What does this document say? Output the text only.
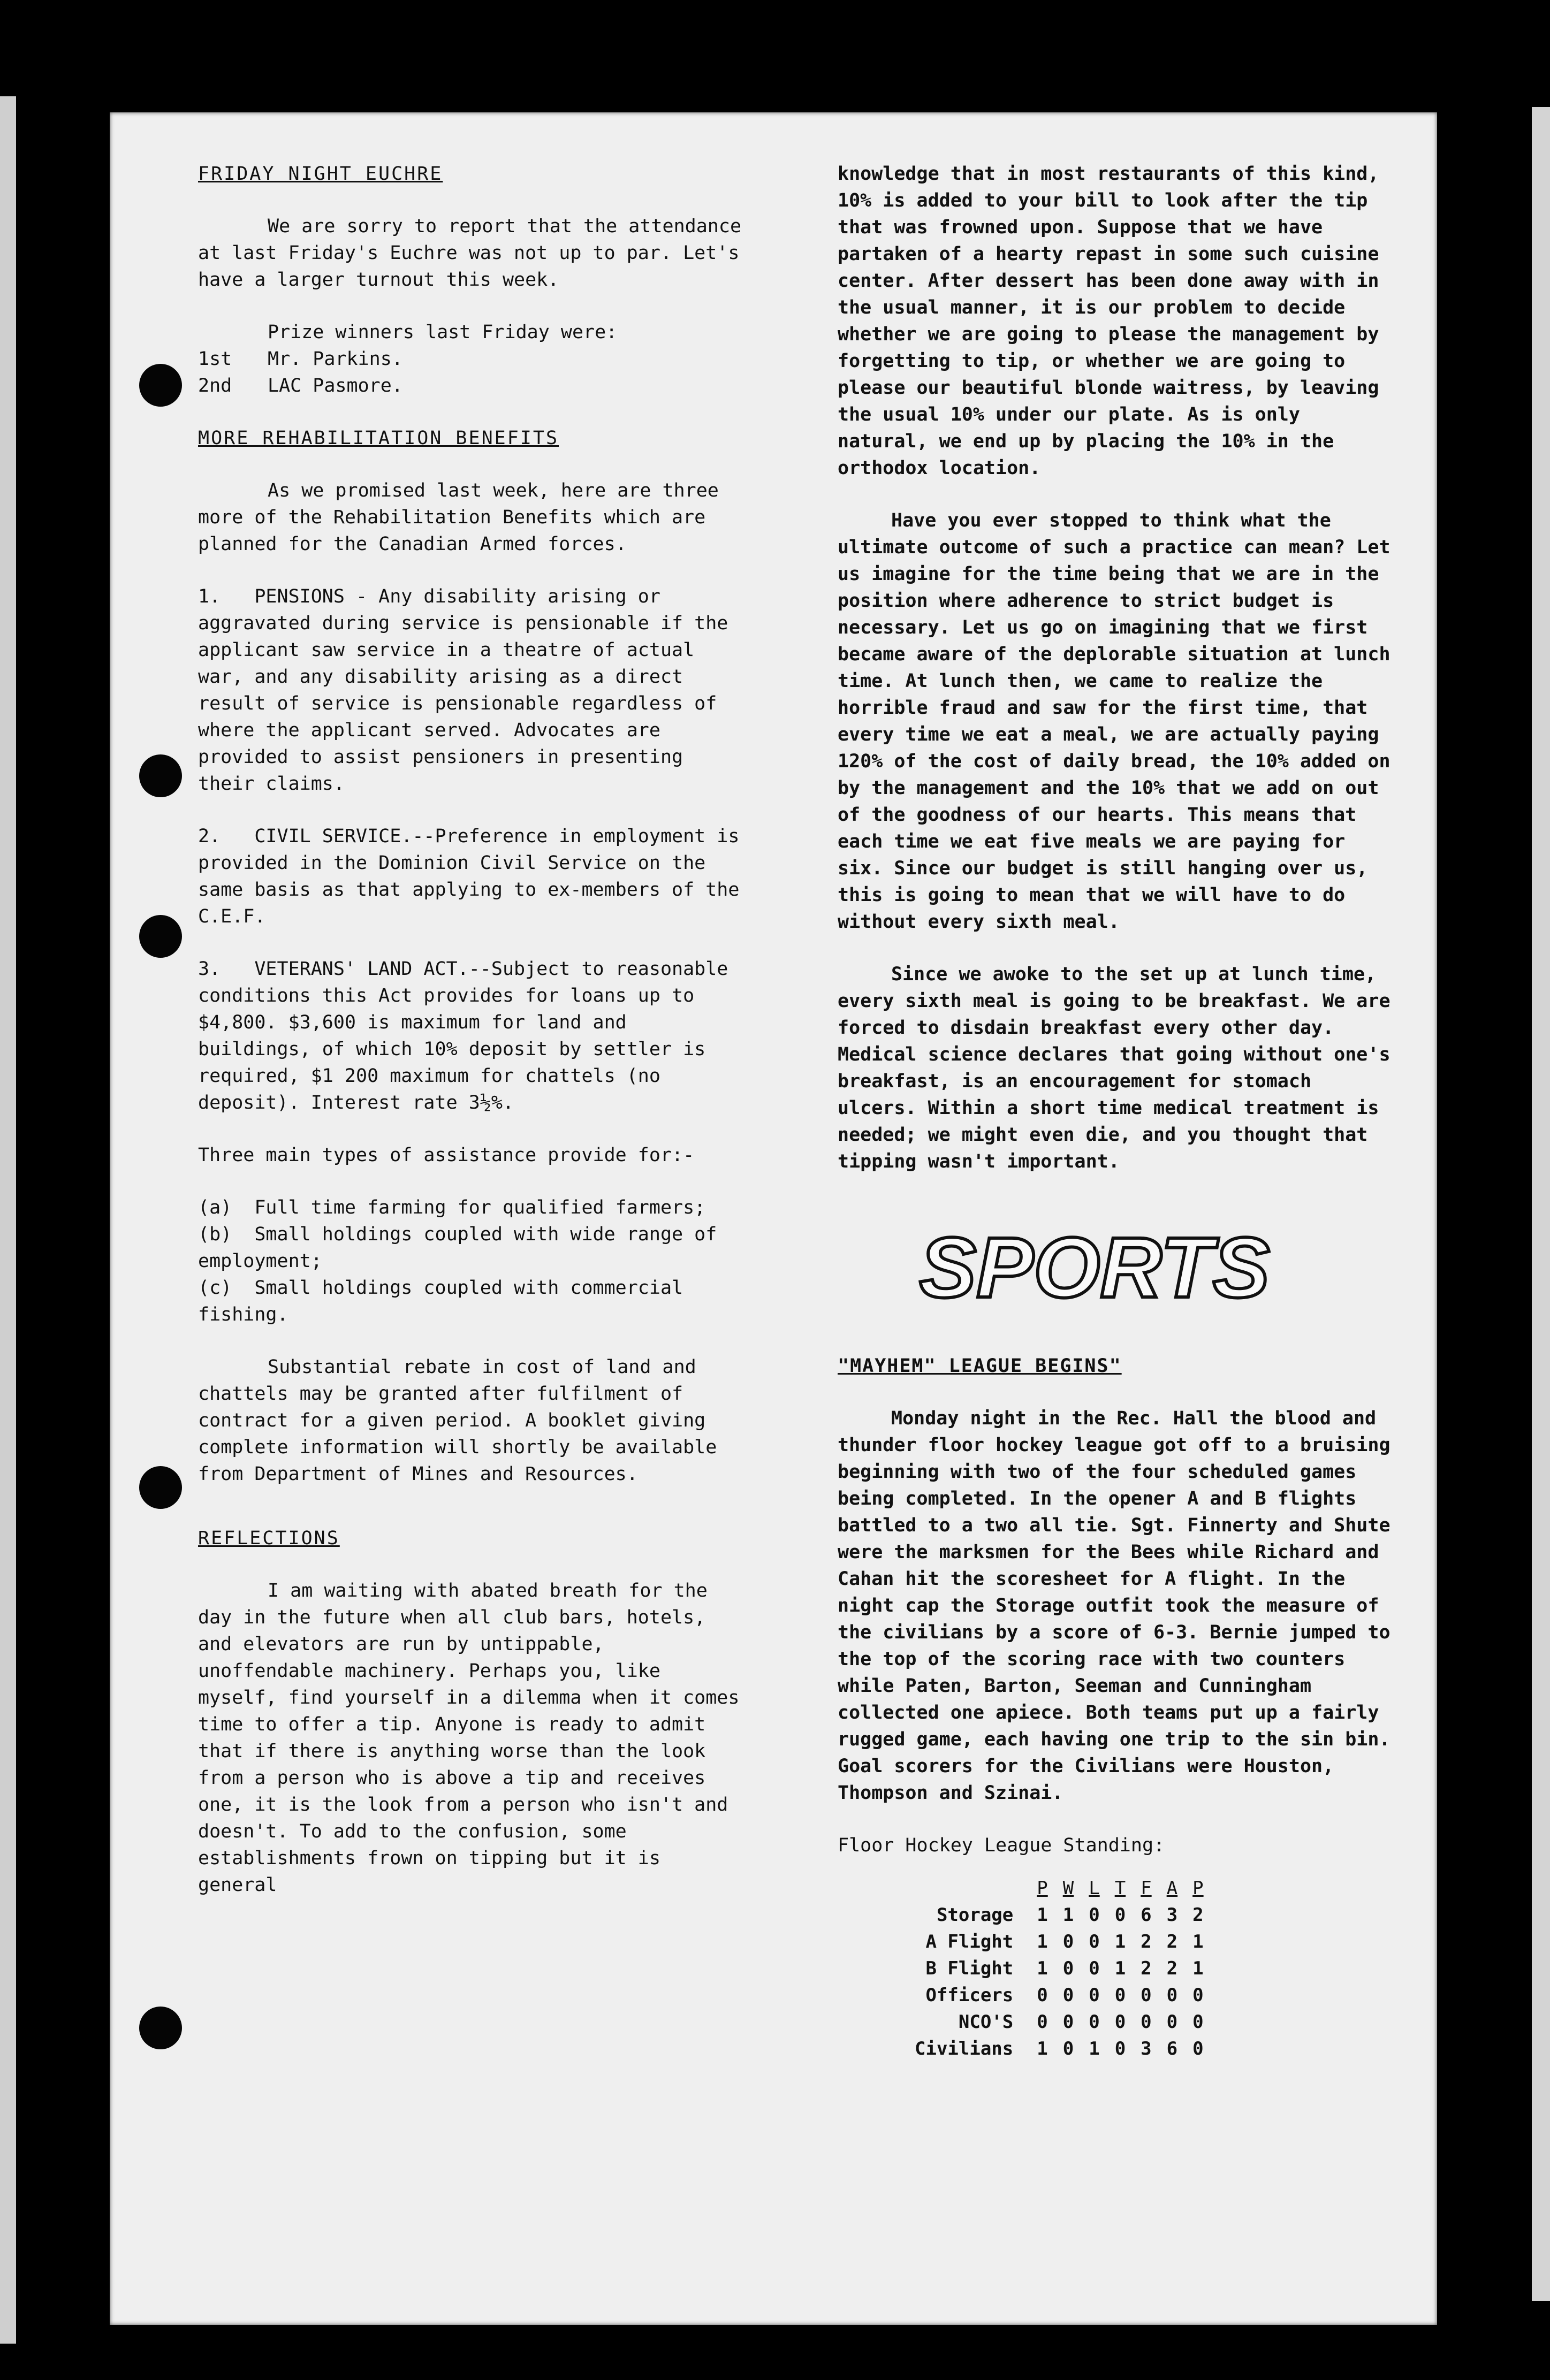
FRIDAY NIGHT EUCHRE

We are sorry to report that the attendance at last Friday's Euchre was not up to par. Let's have a larger turnout this week.

Prize winners last Friday were:
1st Mr. Parkins.
2nd LAC Pasmore.
MORE REHABILITATION BENEFITS

As we promised last week, here are three more of the Rehabilitation Benefits which are planned for the Canadian Armed forces.

1.   PENSIONS - Any disability arising or aggravated during service is pensionable if the applicant saw service in a theatre of actual war, and any disability arising as a direct result of service is pensionable regardless of where the applicant served. Advocates are provided to assist pensioners in presenting their claims.

2.   CIVIL SERVICE.--Preference in employment is provided in the Dominion Civil Service on the same basis as that applying to ex-members of the C.E.F.

3.   VETERANS' LAND ACT.--Subject to reasonable conditions this Act provides for loans up to $4,800. $3,600 is maximum for land and buildings, of which 10% deposit by settler is required, $1 200 maximum for chattels (no deposit). Interest rate 3½%.

Three main types of assistance provide for:-

(a)  Full time farming for qualified farmers;

(b)  Small holdings coupled with wide range of employment;

(c)  Small holdings coupled with commercial fishing.

Substantial rebate in cost of land and chattels may be granted after fulfilment of contract for a given period. A booklet giving complete information will shortly be available from Department of Mines and Resources.

REFLECTIONS

I am waiting with abated breath for the day in the future when all club bars, hotels, and elevators are run by untippable, unoffendable machinery. Perhaps you, like myself, find yourself in a dilemma when it comes time to offer a tip. Anyone is ready to admit that if there is anything worse than the look from a person who is above a tip and receives one, it is the look from a person who isn't and doesn't. To add to the confusion, some establishments frown on tipping but it is general

knowledge that in most restaurants of this kind, 10% is added to your bill to look after the tip that was frowned upon. Suppose that we have partaken of a hearty repast in some such cuisine center. After dessert has been done away with in the usual manner, it is our problem to decide whether we are going to please the management by forgetting to tip, or whether we are going to please our beautiful blonde waitress, by leaving the usual 10% under our plate. As is only natural, we end up by placing the 10% in the orthodox location.

Have you ever stopped to think what the ultimate outcome of such a practice can mean? Let us imagine for the time being that we are in the position where adherence to strict budget is necessary. Let us go on imagining that we first became aware of the deplorable situation at lunch time. At lunch then, we came to realize the horrible fraud and saw for the first time, that every time we eat a meal, we are actually paying 120% of the cost of daily bread, the 10% added on by the management and the 10% that we add on out of the goodness of our hearts. This means that each time we eat five meals we are paying for six. Since our budget is still hanging over us, this is going to mean that we will have to do without every sixth meal.

Since we awoke to the set up at lunch time, every sixth meal is going to be breakfast. We are forced to disdain breakfast every other day. Medical science declares that going without one's breakfast, is an encouragement for stomach ulcers. Within a short time medical treatment is needed; we might even die, and you thought that tipping wasn't important.

SPORTS
"MAYHEM" LEAGUE BEGINS"

Monday night in the Rec. Hall the blood and thunder floor hockey league got off to a bruising beginning with two of the four scheduled games being completed. In the opener A and B flights battled to a two all tie. Sgt. Finnerty and Shute were the marksmen for the Bees while Richard and Cahan hit the scoresheet for A flight. In the night cap the Storage outfit took the measure of the civilians by a score of 6-3. Bernie jumped to the top of the scoring race with two counters while Paten, Barton, Seeman and Cunningham collected one apiece. Both teams put up a fairly rugged game, each having one trip to the sin bin. Goal scorers for the Civilians were Houston, Thompson and Szinai.

Floor Hockey League Standing:
	P	W	L	T	F	A	P
Storage	1	1	0	0	6	3	2
A Flight	1	0	0	1	2	2	1
B Flight	1	0	0	1	2	2	1
Officers	0	0	0	0	0	0	0
NCO'S	0	0	0	0	0	0	0
Civilians	1	0	1	0	3	6	0
